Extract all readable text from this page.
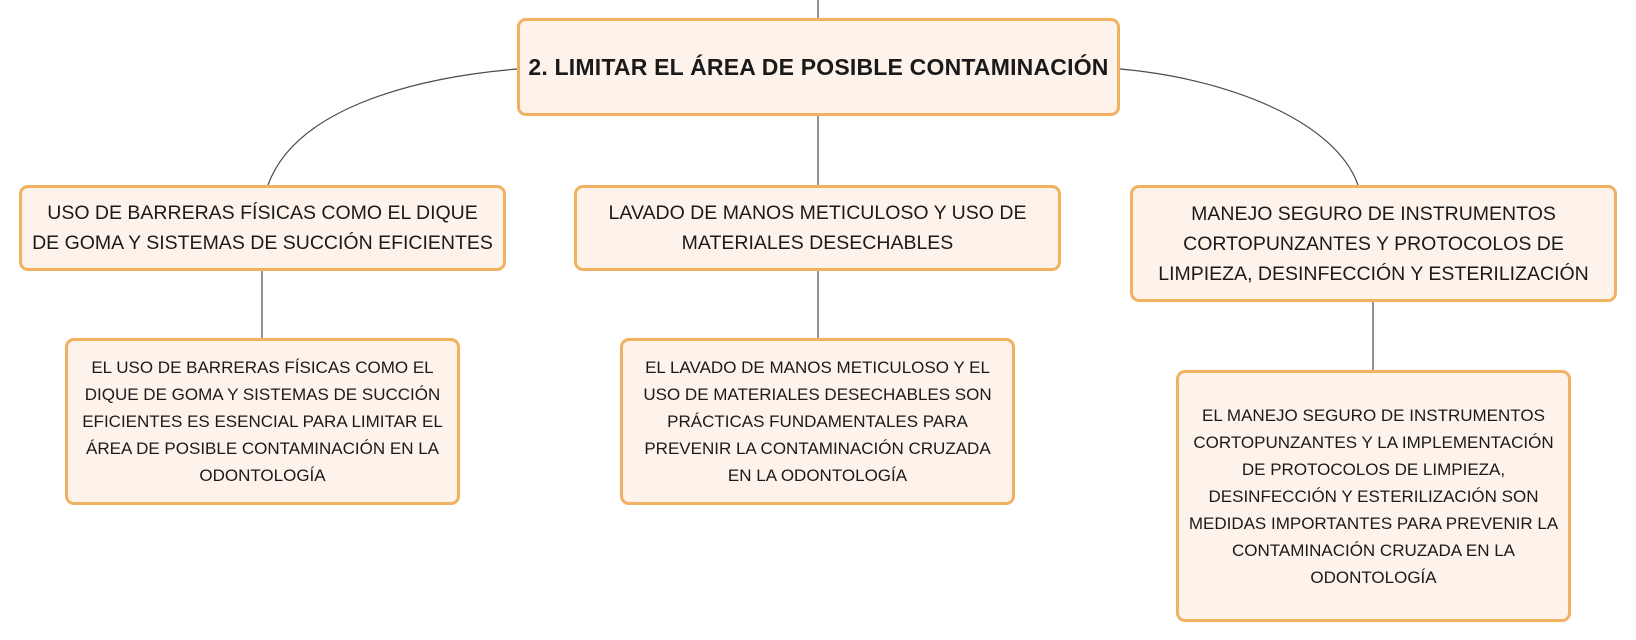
2. LIMITAR EL ÁREA DE POSIBLE CONTAMINACIÓN
USO DE BARRERAS FÍSICAS COMO EL DIQUE DE GOMA Y SISTEMAS DE SUCCIÓN EFICIENTES
LAVADO DE MANOS METICULOSO Y USO DE MATERIALES DESECHABLES
MANEJO SEGURO DE INSTRUMENTOS CORTOPUNZANTES Y PROTOCOLOS DE LIMPIEZA, DESINFECCIÓN Y ESTERILIZACIÓN
EL USO DE BARRERAS FÍSICAS COMO EL DIQUE DE GOMA Y SISTEMAS DE SUCCIÓN EFICIENTES ES ESENCIAL PARA LIMITAR EL ÁREA DE POSIBLE CONTAMINACIÓN EN LA ODONTOLOGÍA
EL LAVADO DE MANOS METICULOSO Y EL USO DE MATERIALES DESECHABLES SON PRÁCTICAS FUNDAMENTALES PARA PREVENIR LA CONTAMINACIÓN CRUZADA EN LA ODONTOLOGÍA
EL MANEJO SEGURO DE INSTRUMENTOS CORTOPUNZANTES Y LA IMPLEMENTACIÓN DE PROTOCOLOS DE LIMPIEZA, DESINFECCIÓN Y ESTERILIZACIÓN SON MEDIDAS IMPORTANTES PARA PREVENIR LA CONTAMINACIÓN CRUZADA EN LA ODONTOLOGÍA
